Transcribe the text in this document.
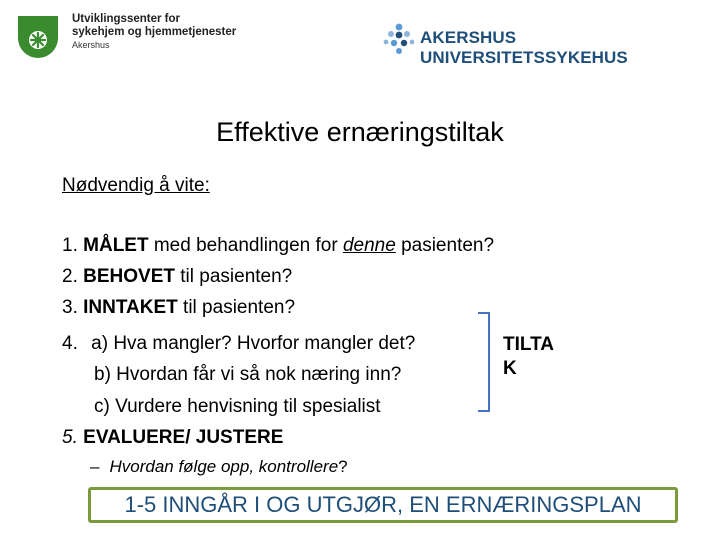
Utviklingssenter for
sykehjem og hjemmetjenester
Akershus	AKERSHUS UNIVERSITETSSYKEHUS
Effektive ernæringstiltak
Nødvendig å vite:
1. MÅLET med behandlingen for denne pasienten?
2. BEHOVET til pasienten?
3. INNTAKET til pasienten?
4. a) Hva mangler? Hvorfor mangler det?
b) Hvordan får vi så nok næring inn?
c) Vurdere henvisning til spesialist
5. EVALUERE/ JUSTERE
TILTA
K
– Hvordan følge opp, kontrollere?
1-5 INNGÅR I OG UTGJØR, EN ERNÆRINGSPLAN
